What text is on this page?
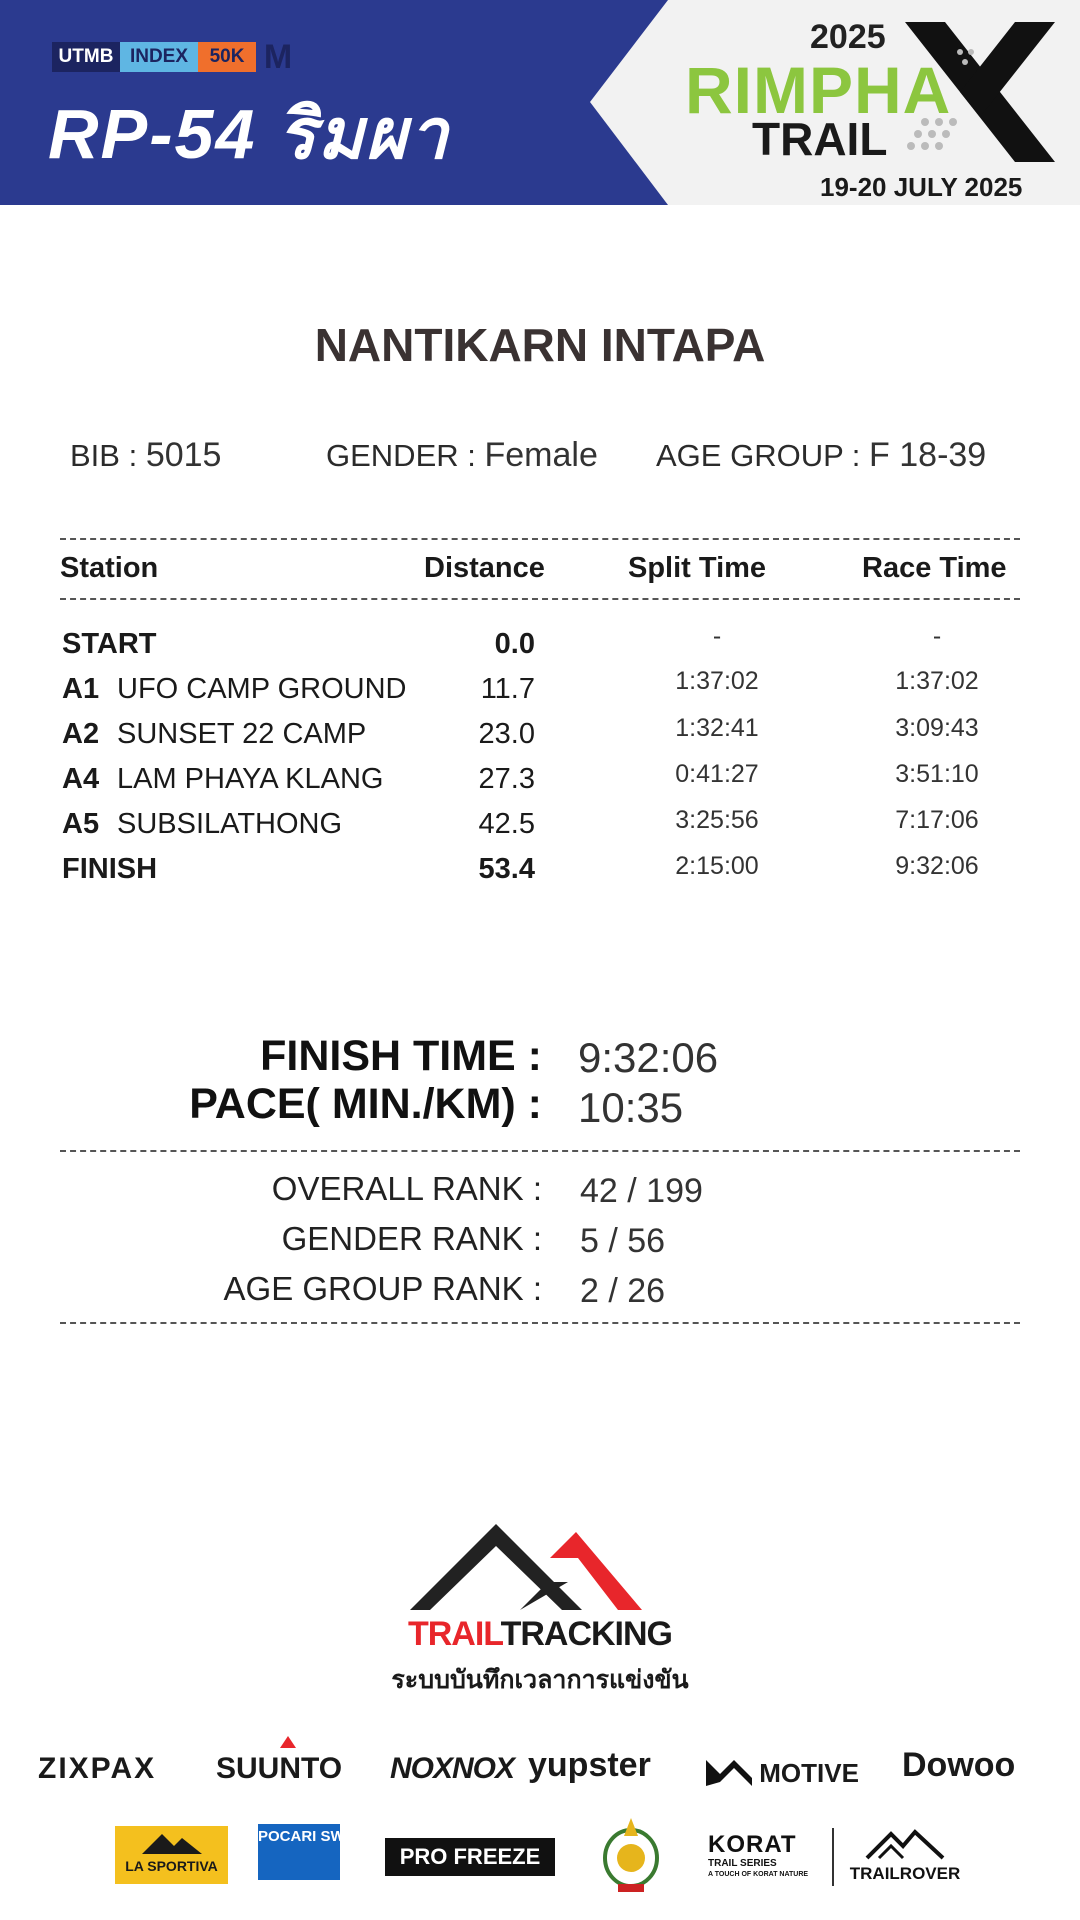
UTMB INDEX	50K M
RP-54 ริมผา
2025
RIMPHA
TRAIL
19-20 JULY 2025
NANTIKARN INTAPA
BIB : 5015	GENDER : Female AGE GROUP : F 18-39
Station	Distance	Split Time	Race Time
START	0.0	-	-
A1 UFO CAMP GROUND	11.7	1:37:02	1:37:02
A2 SUNSET 22 CAMP	23.0	1:32:41	3:09:43
A4 LAM PHAYA KLANG	27.3	0:41:27	3:51:10
A5 SUBSILATHONG	42.5	3:25:56	7:17:06
FINISH	53.4	2:15:00	9:32:06
FINISH TIME : 9:32:06
PACE( MIN./KM) : 10:35
OVERALL RANK : 42 / 199
GENDER RANK : 5 / 56
AGE GROUP RANK : 2 / 26
TRAILTRACKING
ระบบบันทึกเวลาการแข่งขัน
ZIXPAX SUUNTO NOXNOX yupster	MOTIVE Dowoo
LA SPORTIVA
POCARI SWEAT
PRO FREEZE	KORAT
TRAIL SERIES
A TOUCH OF KORAT NATURE	TRAILROVER
